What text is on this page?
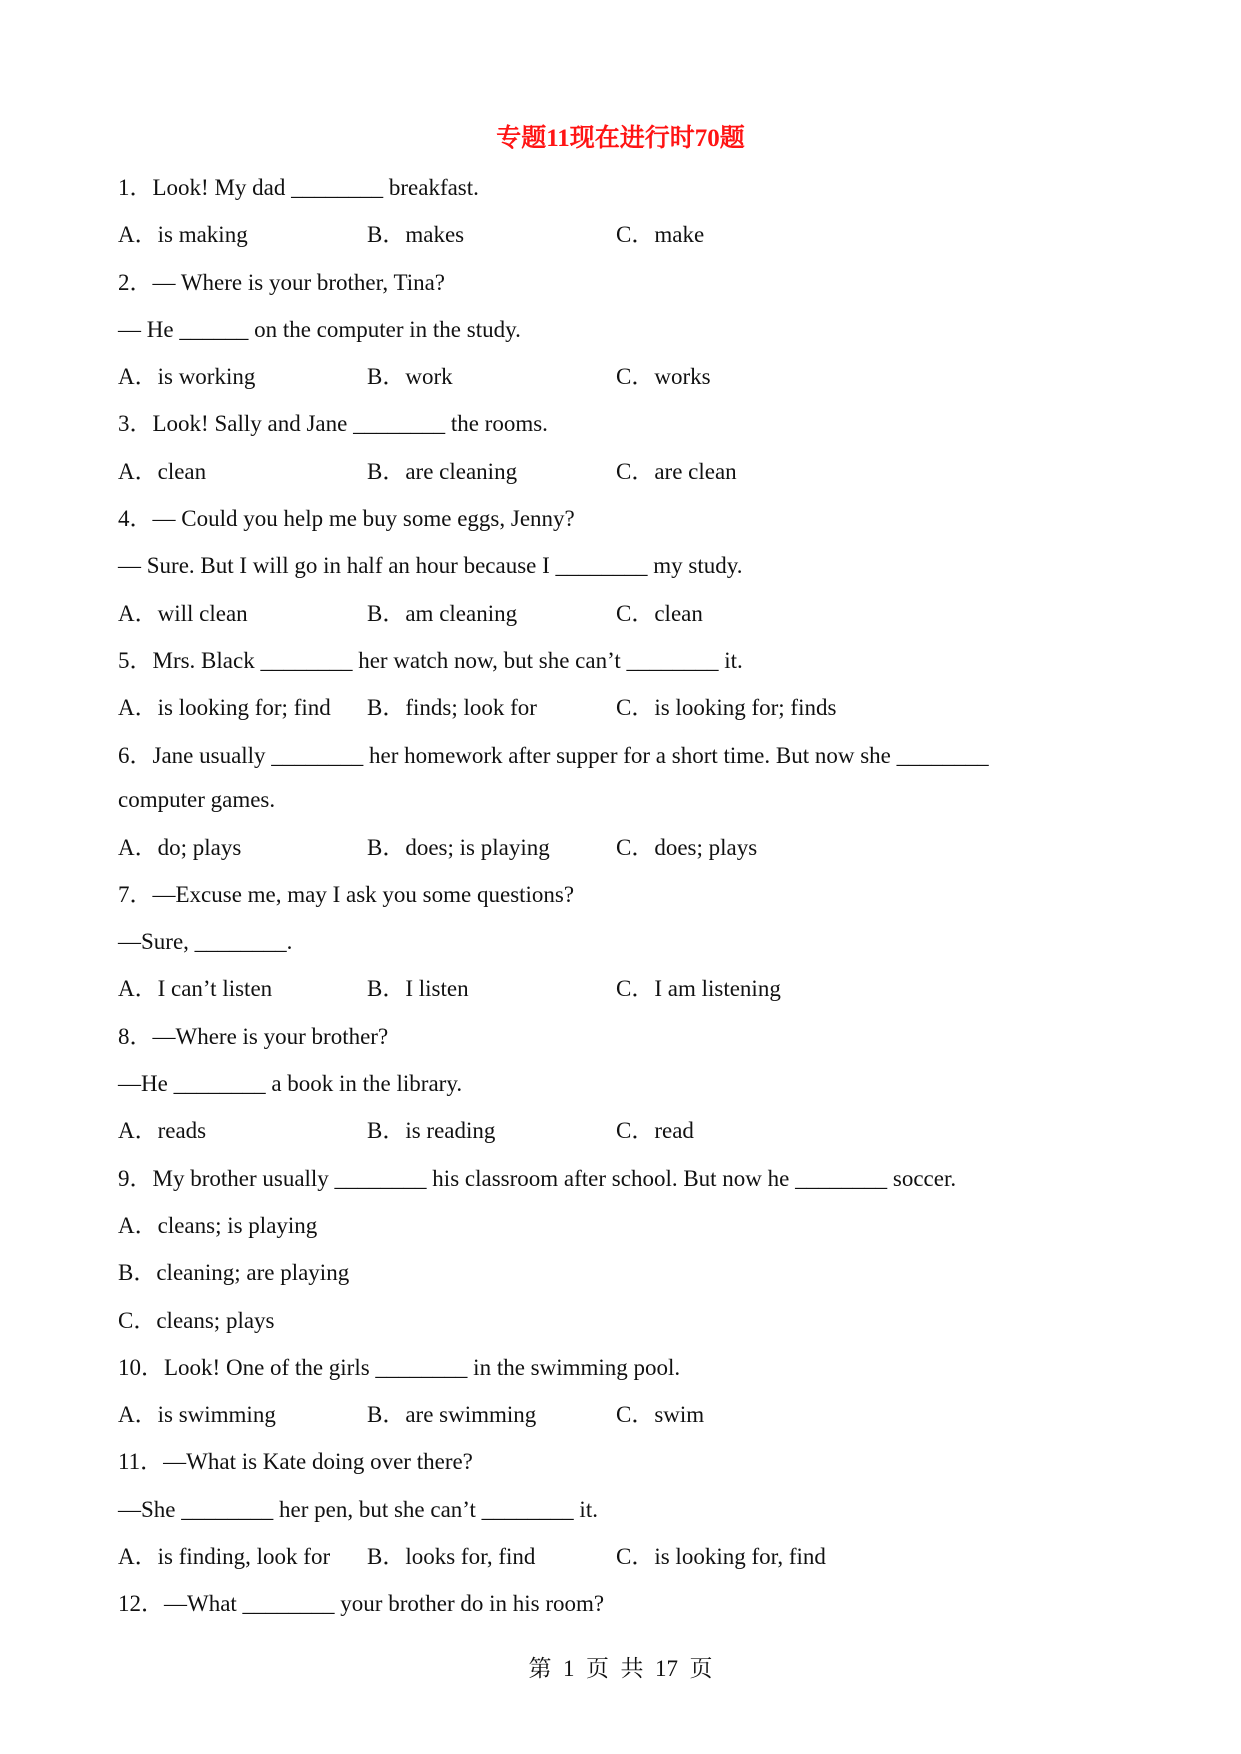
专题11现在进行时70题
1．Look! My dad ________ breakfast.
A．is making	B．makes	C．make
2．— Where is your brother, Tina?
— He ______ on the computer in the study.
A．is working	B．work	C．works
3．Look! Sally and Jane ________ the rooms.
A．clean	B．are cleaning	C．are clean
4．— Could you help me buy some eggs, Jenny?
— Sure. But I will go in half an hour because I ________ my study.
A．will clean	B．am cleaning	C．clean
5．Mrs. Black ________ her watch now, but she can’t ________ it.
A．is looking for; find B．finds; look for	C．is looking for; finds
6．Jane usually ________ her homework after supper for a short time. But now she ________ computer games.
A．do; plays	B．does; is playing	C．does; plays
7．—Excuse me, may I ask you some questions?
—Sure, ________.
A．I can’t listen	B．I listen	C．I am listening
8．—Where is your brother?
—He ________ a book in the library.
A．reads	B．is reading	C．read
9．My brother usually ________ his classroom after school. But now he ________ soccer.
A．cleans; is playing
B．cleaning; are playing
C．cleans; plays
10．Look! One of the girls ________ in the swimming pool.
A．is swimming	B．are swimming	C．swim
11．—What is Kate doing over there?
—She ________ her pen, but she can’t ________ it.
A．is finding, look for B．looks for, find	C．is looking for, find
12．—What ________ your brother do in his room?
第  1  页  共  17  页
